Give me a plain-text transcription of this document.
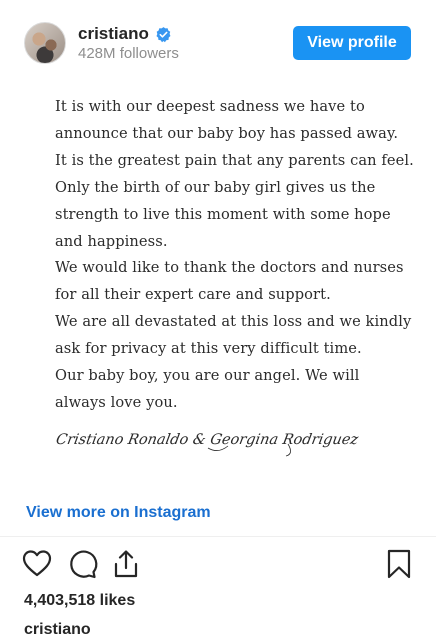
cristiano
428M followers
View profile

It is with our deepest sadness we have to

announce that our baby boy has passed away.

It is the greatest pain that any parents can feel.

Only the birth of our baby girl gives us the

strength to live this moment with some hope

and happiness.

We would like to thank the doctors and nurses

for all their expert care and support.

We are all devastated at this loss and we kindly

ask for privacy at this very difficult time.

Our baby boy, you are our angel. We will

always love you.

Cristiano Ronaldo & Georgina Rodriguez
View more on Instagram
4,403,518 likes
cristiano
